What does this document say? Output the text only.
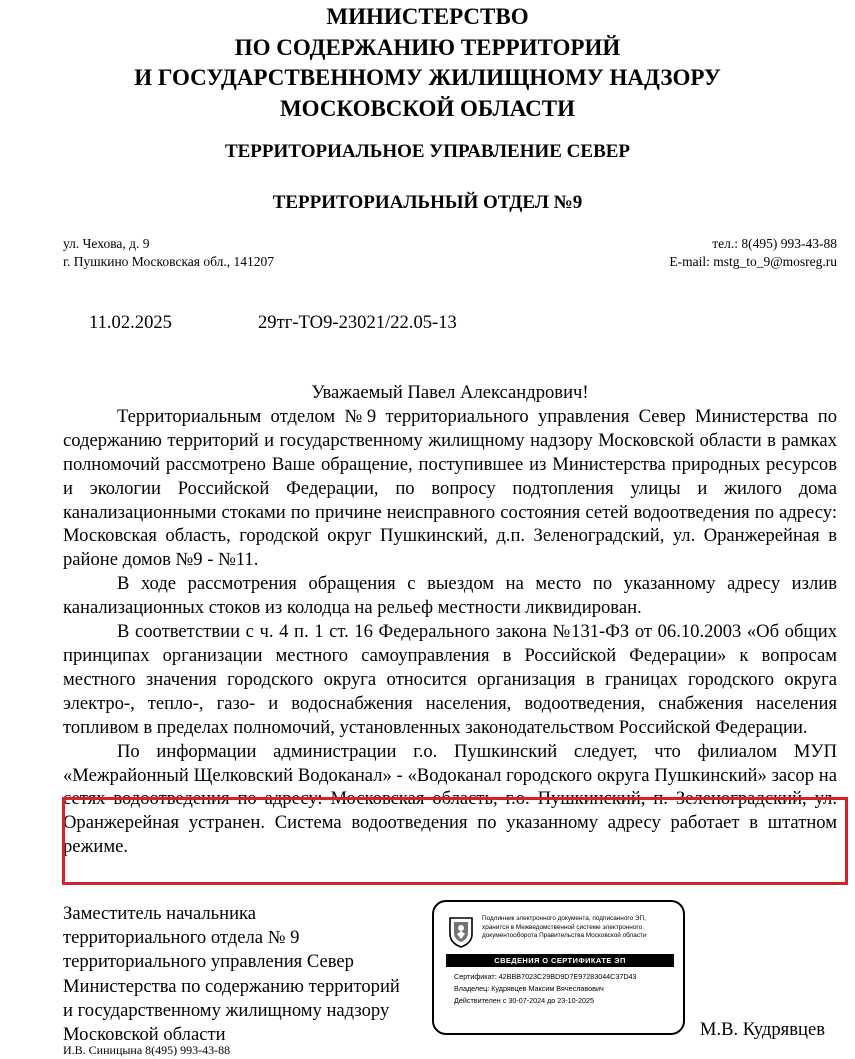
МИНИСТЕРСТВО
ПО СОДЕРЖАНИЮ ТЕРРИТОРИЙ
И ГОСУДАРСТВЕННОМУ ЖИЛИЩНОМУ НАДЗОРУ
МОСКОВСКОЙ ОБЛАСТИ
ТЕРРИТОРИАЛЬНОЕ УПРАВЛЕНИЕ СЕВЕР
ТЕРРИТОРИАЛЬНЫЙ ОТДЕЛ №9
ул. Чехова, д. 9
г. Пушкино Московская обл., 141207
тел.: 8(495) 993-43-88
E-mail: mstg_to_9@mosreg.ru
11.02.2025	29тг-ТО9-23021/22.05-13

Уважаемый Павел Александрович!

Территориальным отделом №9 территориального управления Север Министерства по содержанию территорий и государственному жилищному надзору Московской области в рамках полномочий рассмотрено Ваше обращение, поступившее из Министерства природных ресурсов и экологии Российской Федерации, по вопросу подтопления улицы и жилого дома канализационными стоками по причине неисправного состояния сетей водоотведения по адресу: Московская область, городской округ Пушкинский, д.п. Зеленоградский, ул. Оранжерейная в районе домов №9 - №11.

В ходе рассмотрения обращения с выездом на место по указанному адресу излив канализационных стоков из колодца на рельеф местности ликвидирован.

В соответствии с ч. 4 п. 1 ст. 16 Федерального закона №131-ФЗ от 06.10.2003 «Об общих принципах организации местного самоуправления в Российской Федерации» к вопросам местного значения городского округа относится организация в границах городского округа электро-, тепло-, газо- и водоснабжения населения, водоотведения, снабжения населения топливом в пределах полномочий, установленных законодательством Российской Федерации.

По информации администрации г.о. Пушкинский следует, что филиалом МУП «Межрайонный Щелковский Водоканал» - «Водоканал городского округа Пушкинский» засор на сетях водоотведения по адресу: Московская область, г.о. Пушкинский, п. Зеленоградский, ул. Оранжерейная устранен. Система водоотведения по указанному адресу работает в штатном режиме.

Заместитель начальника
территориального отдела № 9
территориального управления Север
Министерства по содержанию территорий
и государственному жилищному надзору
Московской области
И.В. Синицына 8(495) 993-43-88
М.В. Кудрявцев
Подлинник электронного документа, подписанного ЭП,
хранится в Межведомственной системе электронного
документооборота Правительства Московской области
СВЕДЕНИЯ О СЕРТИФИКАТЕ ЭП
Сертификат: 42BBB7023C29BD9D7E97283044C37D43
Владелец: Кудрявцев Максим Вячеславович
Действителен с 30-07-2024 до 23-10-2025
